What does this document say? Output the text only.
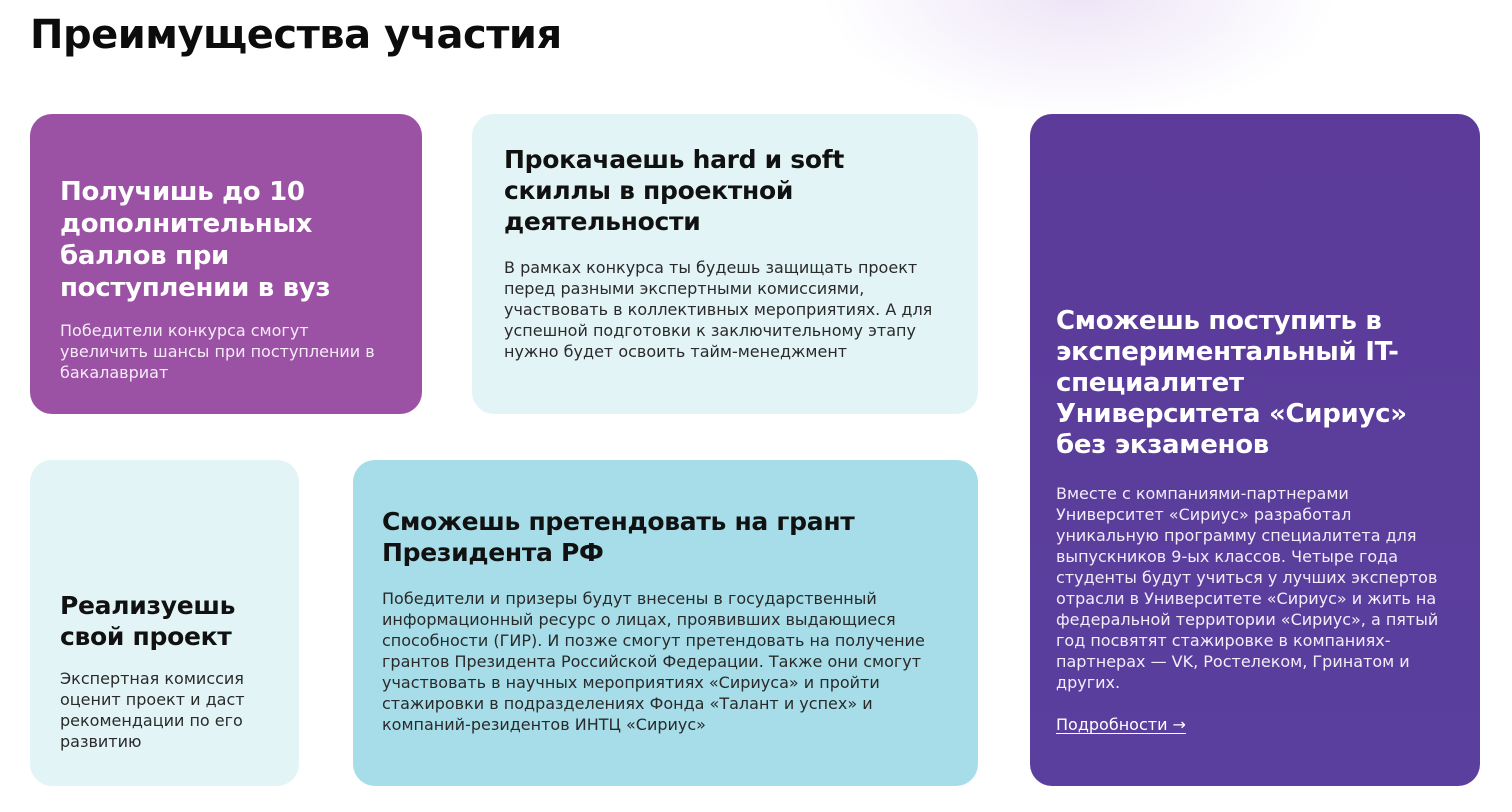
Преимущества участия
Получишь до 10 дополнительных баллов при поступлении в вуз

Победители конкурса смогут увеличить шансы при поступлении в бакалавриат

Прокачаешь hard и soft скиллы в проектной деятельности

В рамках конкурса ты будешь защищать проект перед разными экспертными комиссиями, участвовать в коллективных мероприятиях. А для успешной подготовки к заключительному этапу нужно будет освоить тайм-менеджмент

Сможешь поступить в экспериментальный IT-специалитет Университета «Сириус» без экзаменов

Вместе с компаниями-партнерами Университет «Сириус» разработал уникальную программу специалитета для выпускников 9-ых классов. Четыре года студенты будут учиться у лучших экспертов отрасли в Университете «Сириус» и жить на федеральной территории «Сириус», а пятый год посвятят стажировке в компаниях-партнерах — VK, Ростелеком, Гринатом и других.

Подробности →
Реализуешь свой проект

Экспертная комиссия оценит проект и даст рекомендации по его развитию

Сможешь претендовать на грант Президента РФ

Победители и призеры будут внесены в государственный информационный ресурс о лицах, проявивших выдающиеся способности (ГИР). И позже смогут претендовать на получение грантов Президента Российской Федерации. Также они смогут участвовать в научных мероприятиях «Сириуса» и пройти стажировки в подразделениях Фонда «Талант и успех» и компаний-резидентов ИНТЦ «Сириус»
